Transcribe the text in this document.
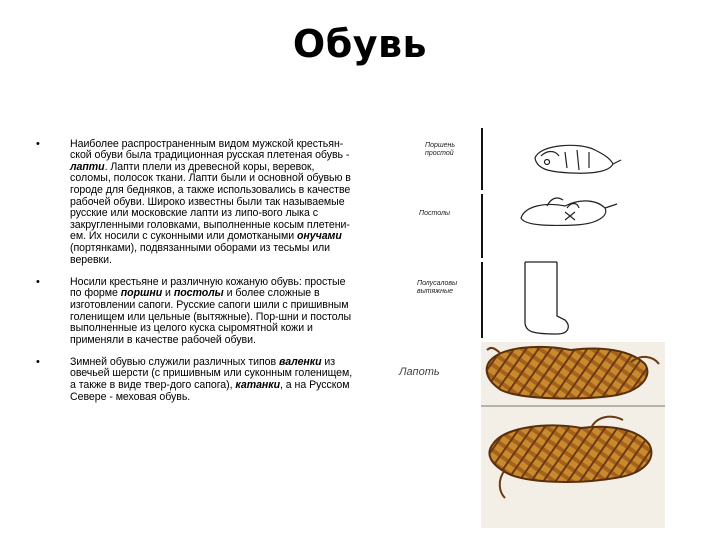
Обувь
•	Наиболее распространенным видом мужской крестьян-ской обуви была традиционная русская плетеная обувь - лапти. Лапти плели из древесной коры, веревок, соломы, полосок ткани. Лапти были и основной обувью в городе для бедняков, а также использовались в качестве рабочей обуви. Широко известны были так называемые русские или московские лапти из липо-вого лыка с закругленными головками, выполненные косым плетени-ем. Их носили с суконными или домоткаными онучами (портянками), подвязанными оборами из тесьмы или веревки.

•	Носили крестьяне и различную кожаную обувь: простые по форме поршни и постолы и более сложные в изготовлении сапоги. Русские сапоги шили с пришивным голенищем или цельные (вытяжные). Пор-шни и постолы выполненные из целого куска сыромятной кожи и применяли в качестве рабочей обуви.

•	Зимней обувью служили различных типов валенки из овечьей шерсти (с пришивным или суконным голенищем, а также в виде твер-дого сапога), катанки, а на Русском Севере - меховая обувь.

Поршень простой
Постолы
Полусаловы вытяжные
Лапоть
